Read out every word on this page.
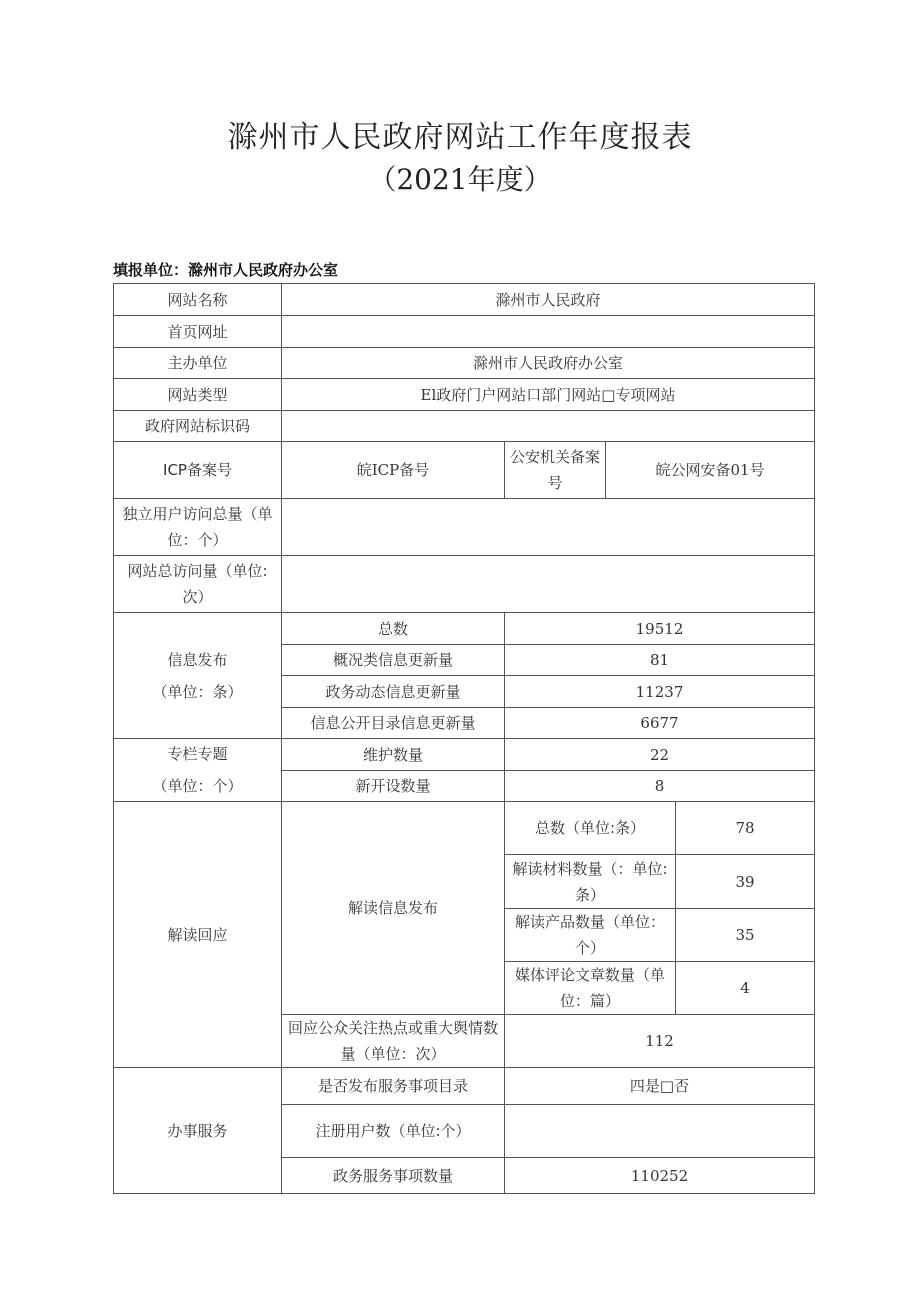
滁州市人民政府网站工作年度报表
（2021年度）
填报单位：滁州市人民政府办公室
网站名称	滁州市人民政府			
首页网址				
主办单位	滁州市人民政府办公室			
网站类型	El政府门户网站口部门网站□专项网站			
政府网站标识码				
ICP备案号	皖ICP备号	公安机关备案号	皖公网安备01号	
独立用户访问总量（单位：个）				
网站总访问量（单位:次）				

信息发布
（单位：条）	总数	19512		
	概况类信息更新量	81		
	政务动态信息更新量	11237		
	信息公开目录信息更新量	6677		

专栏专题
（单位：个）	维护数量	22		
	新开设数量	8		
解读回应	解读信息发布	总数（单位:条）		78
		解读材料数量（：单位:条）		39
		解读产品数量（单位：个）		35
		媒体评论文章数量（单位：篇）		4
	回应公众关注热点或重大舆情数量（单位：次）	112		
办事服务	是否发布服务事项目录	四是□否		
	注册用户数（单位:个）			
	政务服务事项数量	110252		
